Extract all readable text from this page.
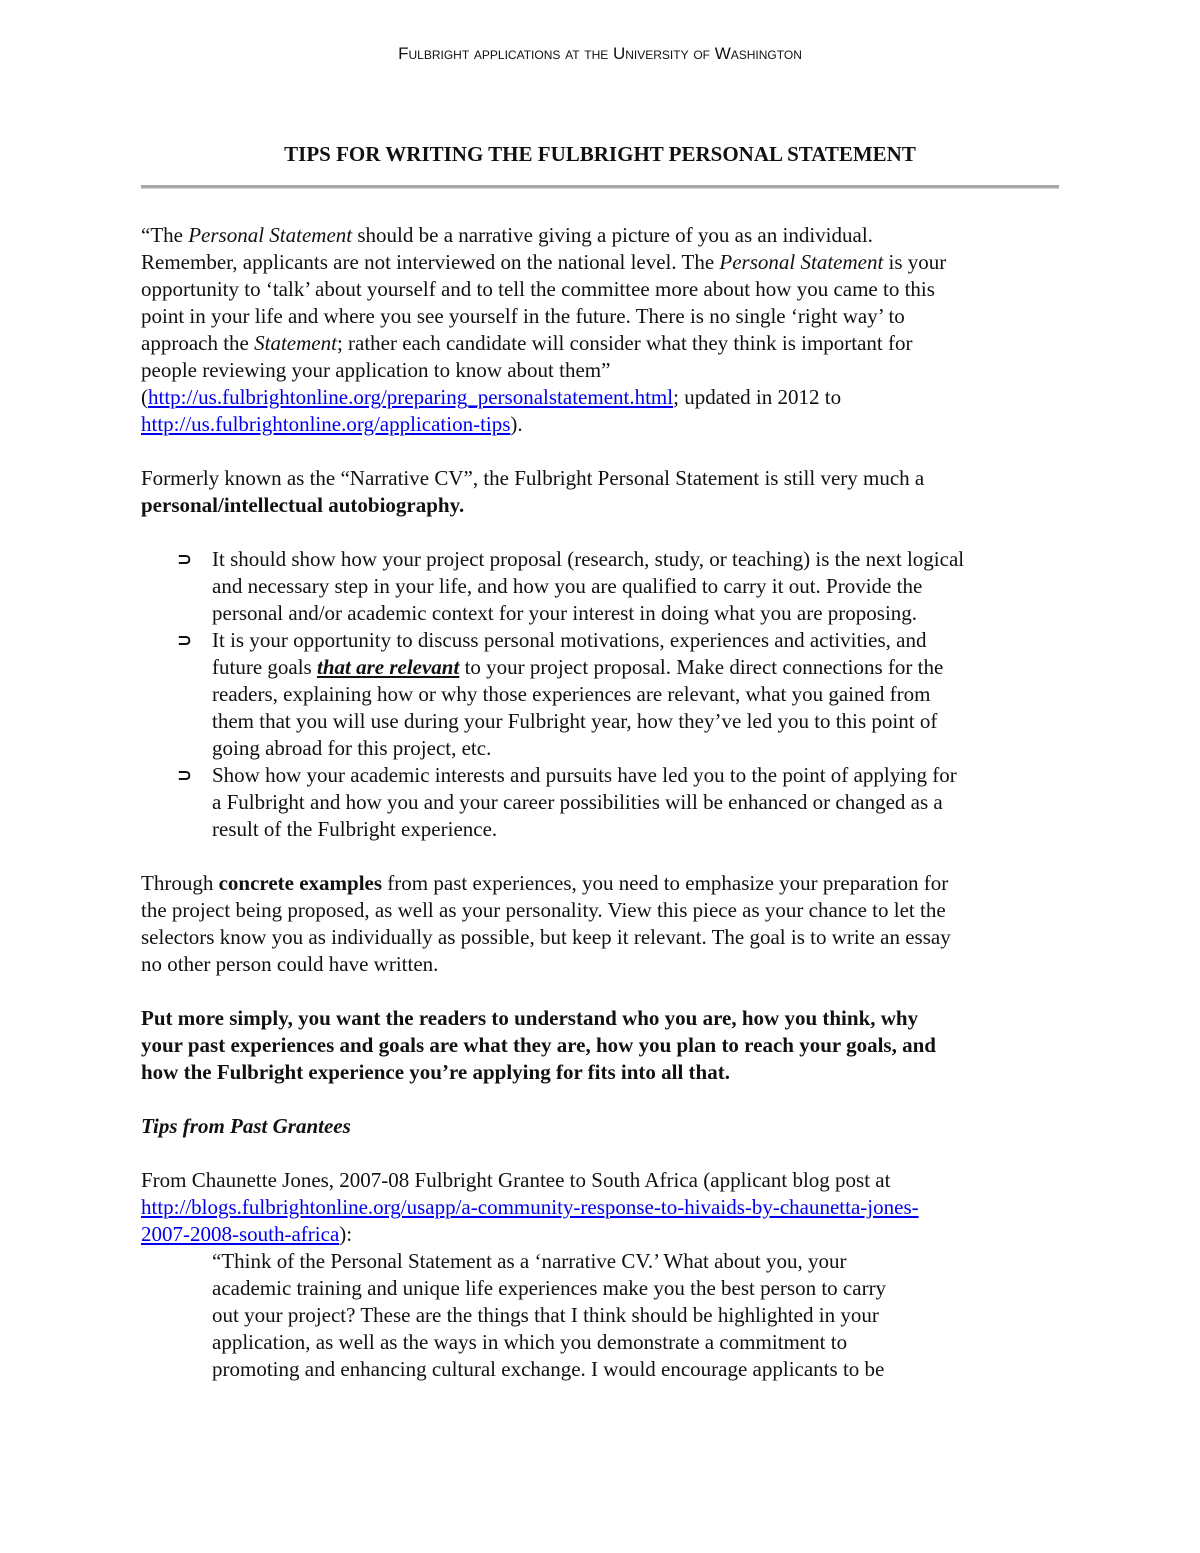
Fulbright applications at the University of Washington
TIPS FOR WRITING THE FULBRIGHT PERSONAL STATEMENT
“The Personal Statement should be a narrative giving a picture of you as an individual.
Remember, applicants are not interviewed on the national level. The Personal Statement is your
opportunity to ‘talk’ about yourself and to tell the committee more about how you came to this
point in your life and where you see yourself in the future. There is no single ‘right way’ to
approach the Statement; rather each candidate will consider what they think is important for
people reviewing your application to know about them”
(http://us.fulbrightonline.org/preparing_personalstatement.html; updated in 2012 to
http://us.fulbrightonline.org/application-tips).
Formerly known as the “Narrative CV”, the Fulbright Personal Statement is still very much a
personal/intellectual autobiography.
⊃ It should show how your project proposal (research, study, or teaching) is the next logical
and necessary step in your life, and how you are qualified to carry it out. Provide the
personal and/or academic context for your interest in doing what you are proposing.
⊃ It is your opportunity to discuss personal motivations, experiences and activities, and
future goals that are relevant to your project proposal. Make direct connections for the
readers, explaining how or why those experiences are relevant, what you gained from
them that you will use during your Fulbright year, how they’ve led you to this point of
going abroad for this project, etc.
⊃ Show how your academic interests and pursuits have led you to the point of applying for
a Fulbright and how you and your career possibilities will be enhanced or changed as a
result of the Fulbright experience.
Through concrete examples from past experiences, you need to emphasize your preparation for
the project being proposed, as well as your personality. View this piece as your chance to let the
selectors know you as individually as possible, but keep it relevant. The goal is to write an essay
no other person could have written.
Put more simply, you want the readers to understand who you are, how you think, why
your past experiences and goals are what they are, how you plan to reach your goals, and
how the Fulbright experience you’re applying for fits into all that.
Tips from Past Grantees
From Chaunette Jones, 2007-08 Fulbright Grantee to South Africa (applicant blog post at
http://blogs.fulbrightonline.org/usapp/a-community-response-to-hivaids-by-chaunetta-jones-
2007-2008-south-africa):
“Think of the Personal Statement as a ‘narrative CV.’ What about you, your
academic training and unique life experiences make you the best person to carry
out your project? These are the things that I think should be highlighted in your
application, as well as the ways in which you demonstrate a commitment to
promoting and enhancing cultural exchange. I would encourage applicants to be
